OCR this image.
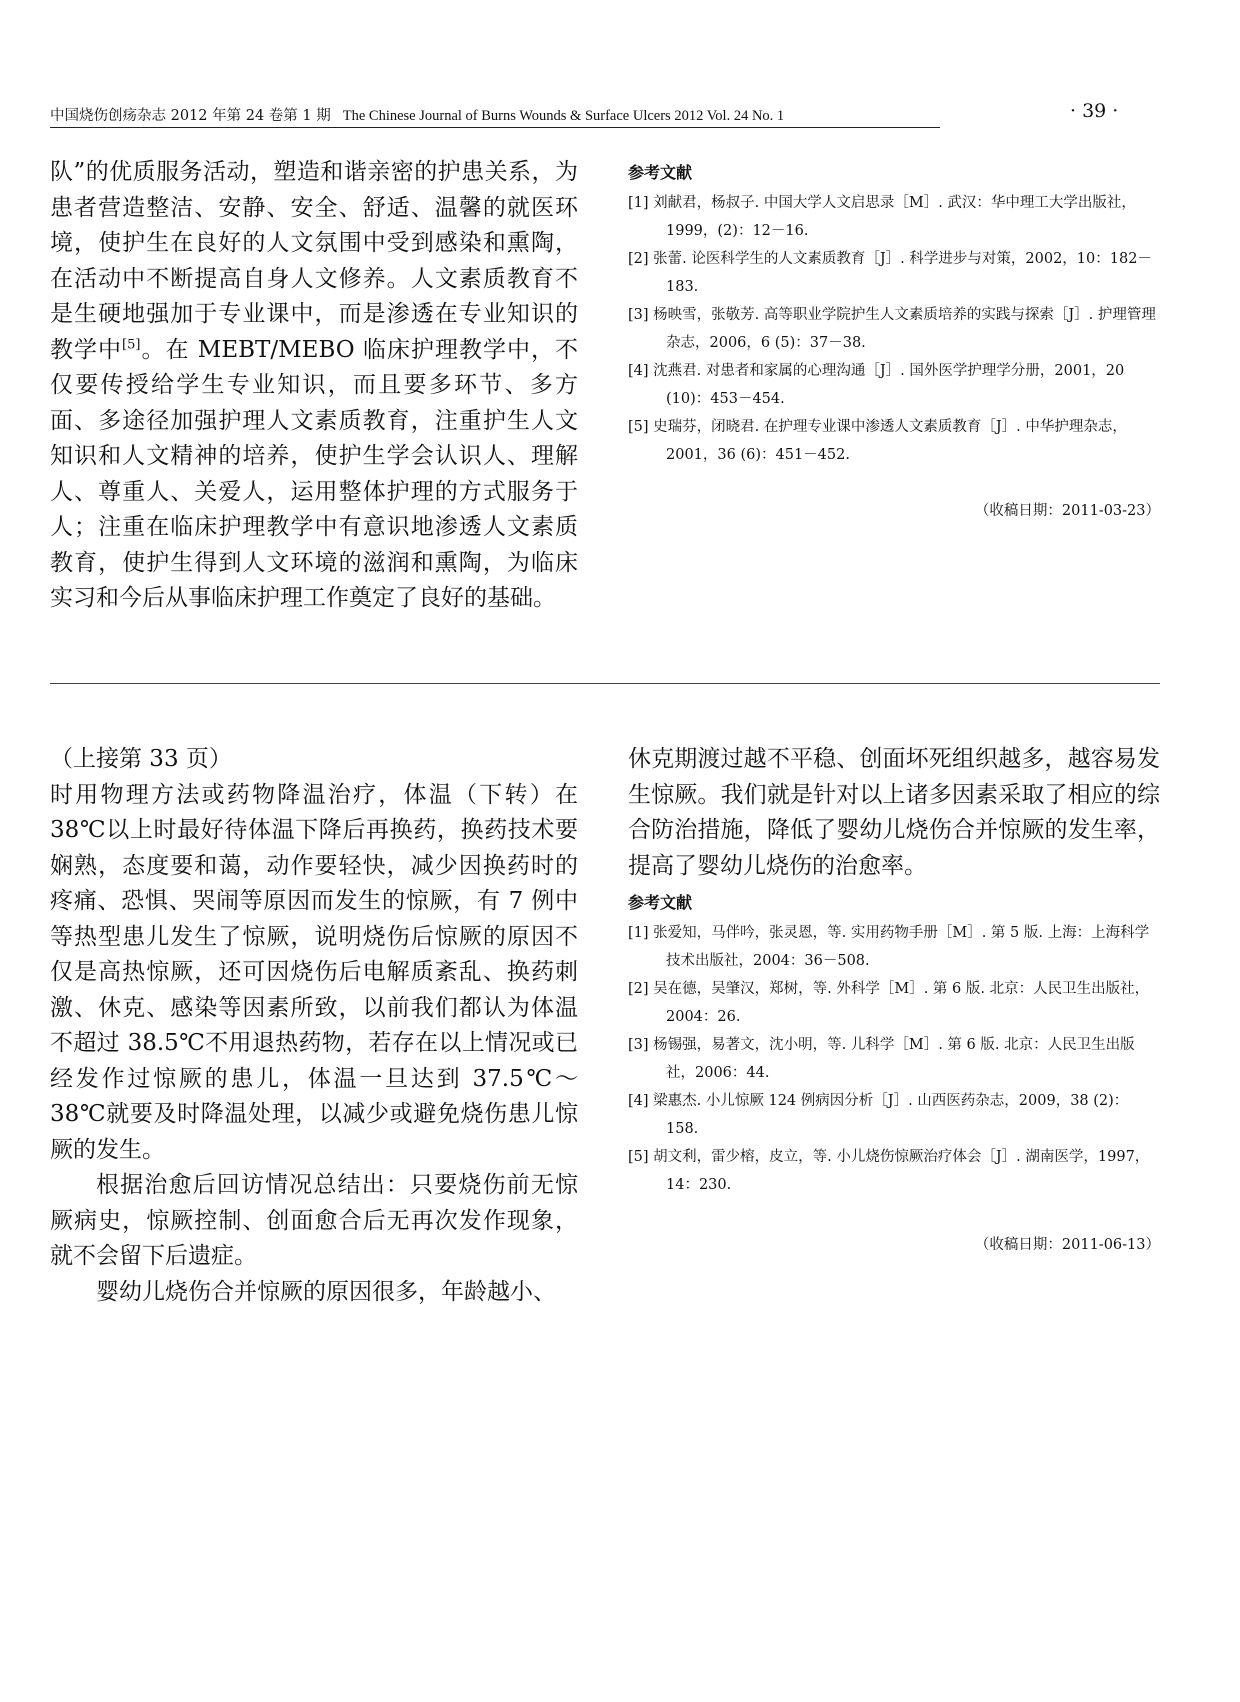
中国烧伤创疡杂志 2012 年第 24 卷第 1 期 The Chinese Journal of Burns Wounds & Surface Ulcers 2012 Vol. 24 No. 1	· 39 ·

队”的优质服务活动，塑造和谐亲密的护患关系，为患者营造整洁、安静、安全、舒适、温馨的就医环境，使护生在良好的人文氛围中受到感染和熏陶，在活动中不断提高自身人文修养。人文素质教育不是生硬地强加于专业课中，而是渗透在专业知识的教学中[5]。在 MEBT/MEBO 临床护理教学中，不仅要传授给学生专业知识，而且要多环节、多方面、多途径加强护理人文素质教育，注重护生人文知识和人文精神的培养，使护生学会认识人、理解人、尊重人、关爱人，运用整体护理的方式服务于人；注重在临床护理教学中有意识地渗透人文素质教育，使护生得到人文环境的滋润和熏陶，为临床实习和今后从事临床护理工作奠定了良好的基础。

参考文献
[1] 刘献君，杨叔子. 中国大学人文启思录［M］. 武汉：华中理工大学出版社，1999，(2)：12－16.
[2] 张蕾. 论医科学生的人文素质教育［J］. 科学进步与对策，2002，10：182－183.
[3] 杨映雪，张敬芳. 高等职业学院护生人文素质培养的实践与探索［J］. 护理管理杂志，2006，6 (5)：37－38.
[4] 沈燕君. 对患者和家属的心理沟通［J］. 国外医学护理学分册，2001，20 (10)：453－454.
[5] 史瑞芬，闭晓君. 在护理专业课中渗透人文素质教育［J］. 中华护理杂志，2001，36 (6)：451－452.
（收稿日期：2011-03-23）

（上接第 33 页）

时用物理方法或药物降温治疗，体温（下转）在 38℃以上时最好待体温下降后再换药，换药技术要娴熟，态度要和蔼，动作要轻快，减少因换药时的疼痛、恐惧、哭闹等原因而发生的惊厥，有 7 例中等热型患儿发生了惊厥，说明烧伤后惊厥的原因不仅是高热惊厥，还可因烧伤后电解质紊乱、换药刺激、休克、感染等因素所致，以前我们都认为体温不超过 38.5℃不用退热药物，若存在以上情况或已经发作过惊厥的患儿，体温一旦达到 37.5℃～38℃就要及时降温处理，以减少或避免烧伤患儿惊厥的发生。

根据治愈后回访情况总结出：只要烧伤前无惊厥病史，惊厥控制、创面愈合后无再次发作现象，就不会留下后遗症。

婴幼儿烧伤合并惊厥的原因很多，年龄越小、

休克期渡过越不平稳、创面坏死组织越多，越容易发生惊厥。我们就是针对以上诸多因素采取了相应的综合防治措施，降低了婴幼儿烧伤合并惊厥的发生率，提高了婴幼儿烧伤的治愈率。
参考文献
[1] 张爱知，马伴吟，张灵恩，等. 实用药物手册［M］. 第 5 版. 上海：上海科学技术出版社，2004：36－508.
[2] 吴在德，吴肇汉，郑树，等. 外科学［M］. 第 6 版. 北京：人民卫生出版社，2004：26.
[3] 杨锡强，易著文，沈小明，等. 儿科学［M］. 第 6 版. 北京：人民卫生出版社，2006：44.
[4] 梁惠杰. 小儿惊厥 124 例病因分析［J］. 山西医药杂志，2009，38 (2)：158.
[5] 胡文利，雷少榕，皮立，等. 小儿烧伤惊厥治疗体会［J］. 湖南医学，1997，14：230.
（收稿日期：2011-06-13）
